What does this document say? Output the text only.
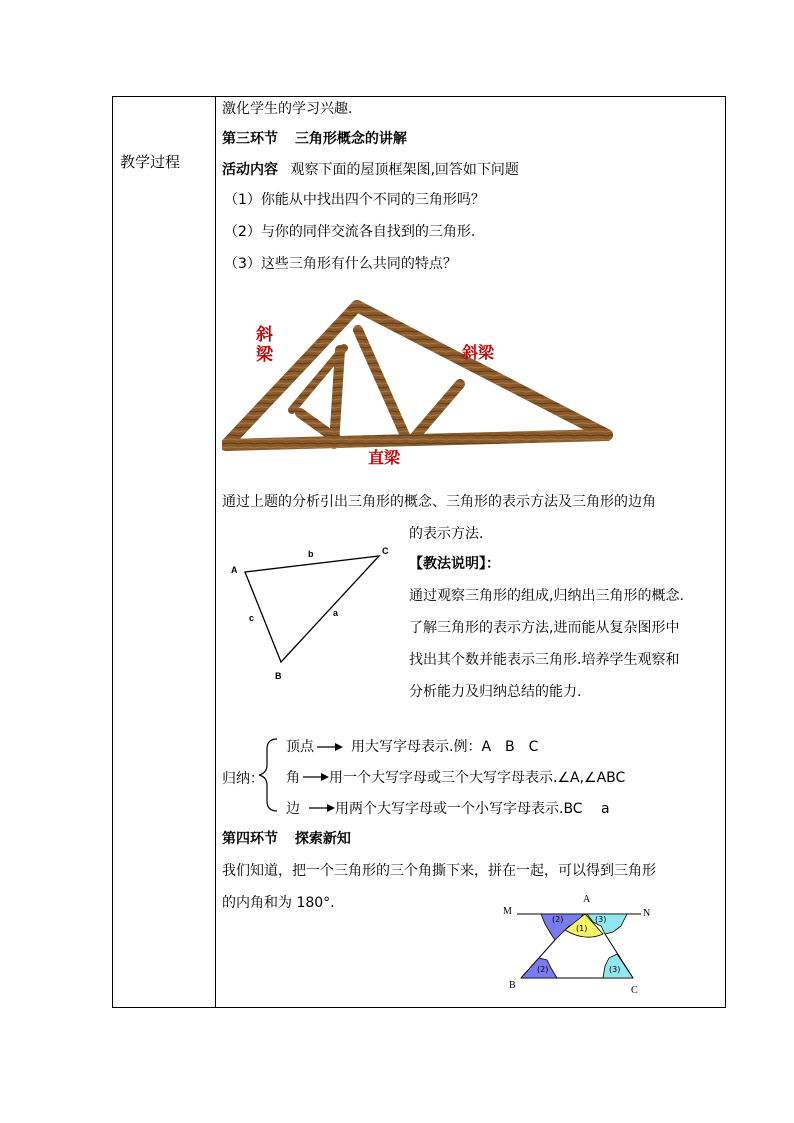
教学过程
激化学生的学习兴趣.
第三环节 三角形概念的讲解
活动内容 观察下面的屋顶框架图,回答如下问题
（1）你能从中找出四个不同的三角形吗？
（2）与你的同伴交流各自找到的三角形.
（3）这些三角形有什么共同的特点？
斜
梁	斜梁
直梁
通过上题的分析引出三角形的概念、三角形的表示方法及三角形的边角
的表示方法.
A
B
C
b
c	a
【教法说明】：
通过观察三角形的组成,归纳出三角形的概念.
了解三角形的表示方法,进而能从复杂图形中
找出其个数并能表示三角形.培养学生观察和
分析能力及归纳总结的能力.
归纳：
顶点	用大写字母表示.例：A　B　C
角 用一个大写字母或三个大写字母表示.∠A,∠ABC
边	用两个大写字母或一个小写字母表示.BC　 a
第四环节 探索新知
我们知道，把一个三角形的三个角撕下来，拼在一起，可以得到三角形
的内角和为 180°.
M	N
A
B	C
(2)
(1)
(3)
(2)	(3)
